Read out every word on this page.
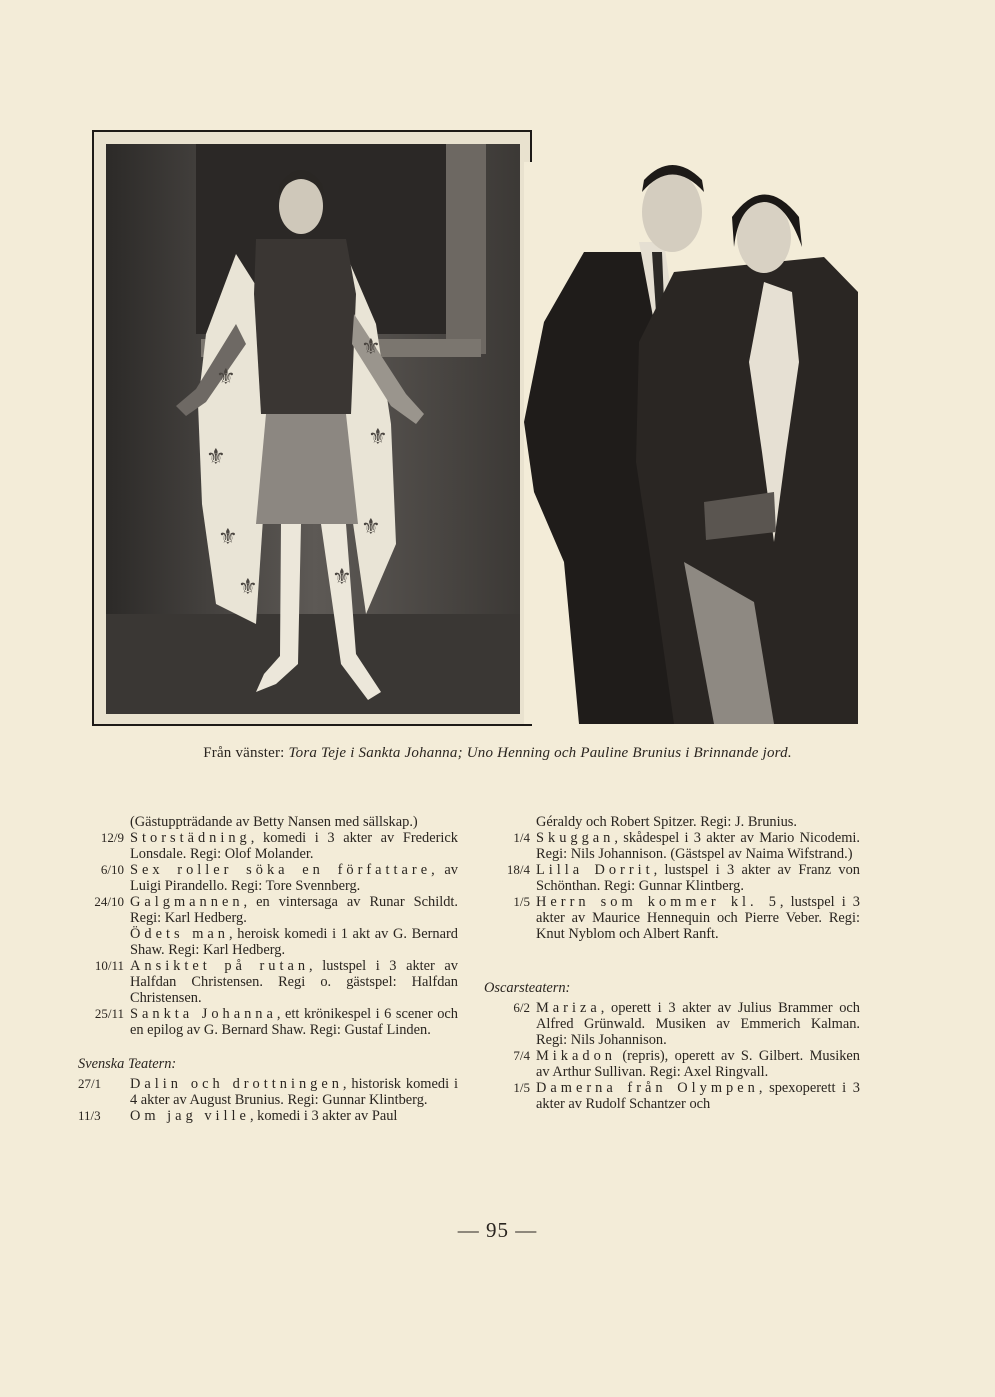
⚜
⚜
⚜
⚜
⚜
⚜
⚜	⚜
Från vänster: Tora Teje i Sankta Johanna; Uno Henning och Pauline Brunius i Brinnande jord.

(Gästuppträdande av Betty Nansen med sällskap.)

12/9 Storstädning, komedi i 3 akter av Frederick Lonsdale. Regi: Olof Molander.

6/10 Sex roller söka en författare, av Luigi Pirandello. Regi: Tore Svennberg.

24/10 Galgmannen, en vintersaga av Runar Schildt. Regi: Karl Hedberg.

Ödets man, heroisk komedi i 1 akt av G. Bernard Shaw. Regi: Karl Hedberg.

10/11 Ansiktet på rutan, lustspel i 3 akter av Halfdan Christensen. Regi o. gästspel: Halfdan Christensen.

25/11 Sankta Johanna, ett krönikespel i 6 scener och en epilog av G. Bernard Shaw. Regi: Gustaf Linden.

Svenska Teatern:

27/1	Dalin och drottningen, historisk komedi i 4 akter av August Brunius. Regi: Gunnar Klintberg.

11/3	Om jag ville, komedi i 3 akter av Paul

Géraldy och Robert Spitzer. Regi: J. Brunius.

1/4 Skuggan, skådespel i 3 akter av Mario Nicodemi. Regi: Nils Johannison. (Gästspel av Naima Wifstrand.)

18/4 Lilla Dorrit, lustspel i 3 akter av Franz von Schönthan. Regi: Gunnar Klintberg.

1/5 Herrn som kommer kl. 5, lustspel i 3 akter av Maurice Hennequin och Pierre Veber. Regi: Knut Nyblom och Albert Ranft.

Oscarsteatern:

6/2 Mariza, operett i 3 akter av Julius Brammer och Alfred Grünwald. Musiken av Emmerich Kalman. Regi: Nils Johannison.

7/4 Mikadon (repris), operett av S. Gilbert. Musiken av Arthur Sullivan. Regi: Axel Ringvall.

1/5 Damerna från Olympen, spexoperett i 3 akter av Rudolf Schantzer och

— 95 —
